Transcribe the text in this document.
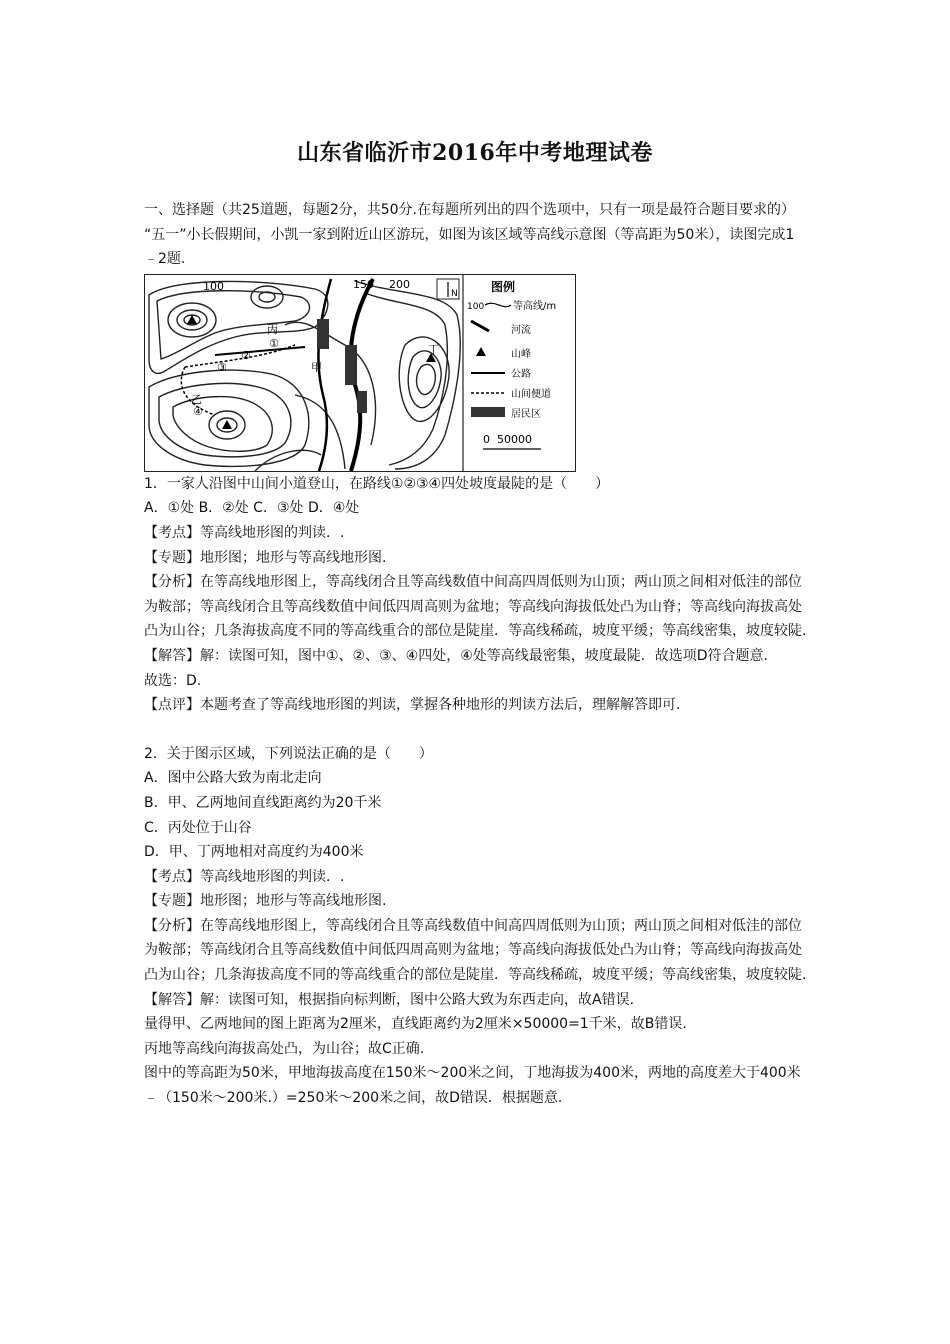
山东省临沂市2016年中考地理试卷

一、选择题（共25道题，每题2分，共50分.在每题所列出的四个选项中，只有一项是最符合题目要求的）

“五一”小长假期间，小凯一家到附近山区游玩，如图为该区域等高线示意图（等高距为50米），读图完成1﹣2题.

100	150 200
丙
甲
乙
丁
①
②
③
④
N	图例
100	等高线/m
河流
山峰
公路
山间便道
居民区
0  50000

1．一家人沿图中山间小道登山，在路线①②③④四处坡度最陡的是（　　）

A．①处 B．②处 C．③处 D．④处

【考点】等高线地形图的判读．.

【专题】地形图；地形与等高线地形图.

【分析】在等高线地形图上，等高线闭合且等高线数值中间高四周低则为山顶；两山顶之间相对低洼的部位为鞍部；等高线闭合且等高线数值中间低四周高则为盆地；等高线向海拔低处凸为山脊；等高线向海拔高处凸为山谷；几条海拔高度不同的等高线重合的部位是陡崖．等高线稀疏，坡度平缓；等高线密集，坡度较陡.

【解答】解：读图可知，图中①、②、③、④四处，④处等高线最密集，坡度最陡．故选项D符合题意.

故选：D.

【点评】本题考查了等高线地形图的判读，掌握各种地形的判读方法后，理解解答即可.

2．关于图示区域，下列说法正确的是（　　）

A．图中公路大致为南北走向

B．甲、乙两地间直线距离约为20千米

C．丙处位于山谷

D．甲、丁两地相对高度约为400米

【考点】等高线地形图的判读．.

【专题】地形图；地形与等高线地形图.

【分析】在等高线地形图上，等高线闭合且等高线数值中间高四周低则为山顶；两山顶之间相对低洼的部位为鞍部；等高线闭合且等高线数值中间低四周高则为盆地；等高线向海拔低处凸为山脊；等高线向海拔高处凸为山谷；几条海拔高度不同的等高线重合的部位是陡崖．等高线稀疏，坡度平缓；等高线密集，坡度较陡.

【解答】解：读图可知，根据指向标判断，图中公路大致为东西走向，故A错误.

量得甲、乙两地间的图上距离为2厘米，直线距离约为2厘米×50000=1千米，故B错误.

丙地等高线向海拔高处凸，为山谷；故C正确.

图中的等高距为50米，甲地海拔高度在150米～200米之间，丁地海拔为400米，两地的高度差大于400米﹣（150米～200米.）=250米～200米之间，故D错误．根据题意.
